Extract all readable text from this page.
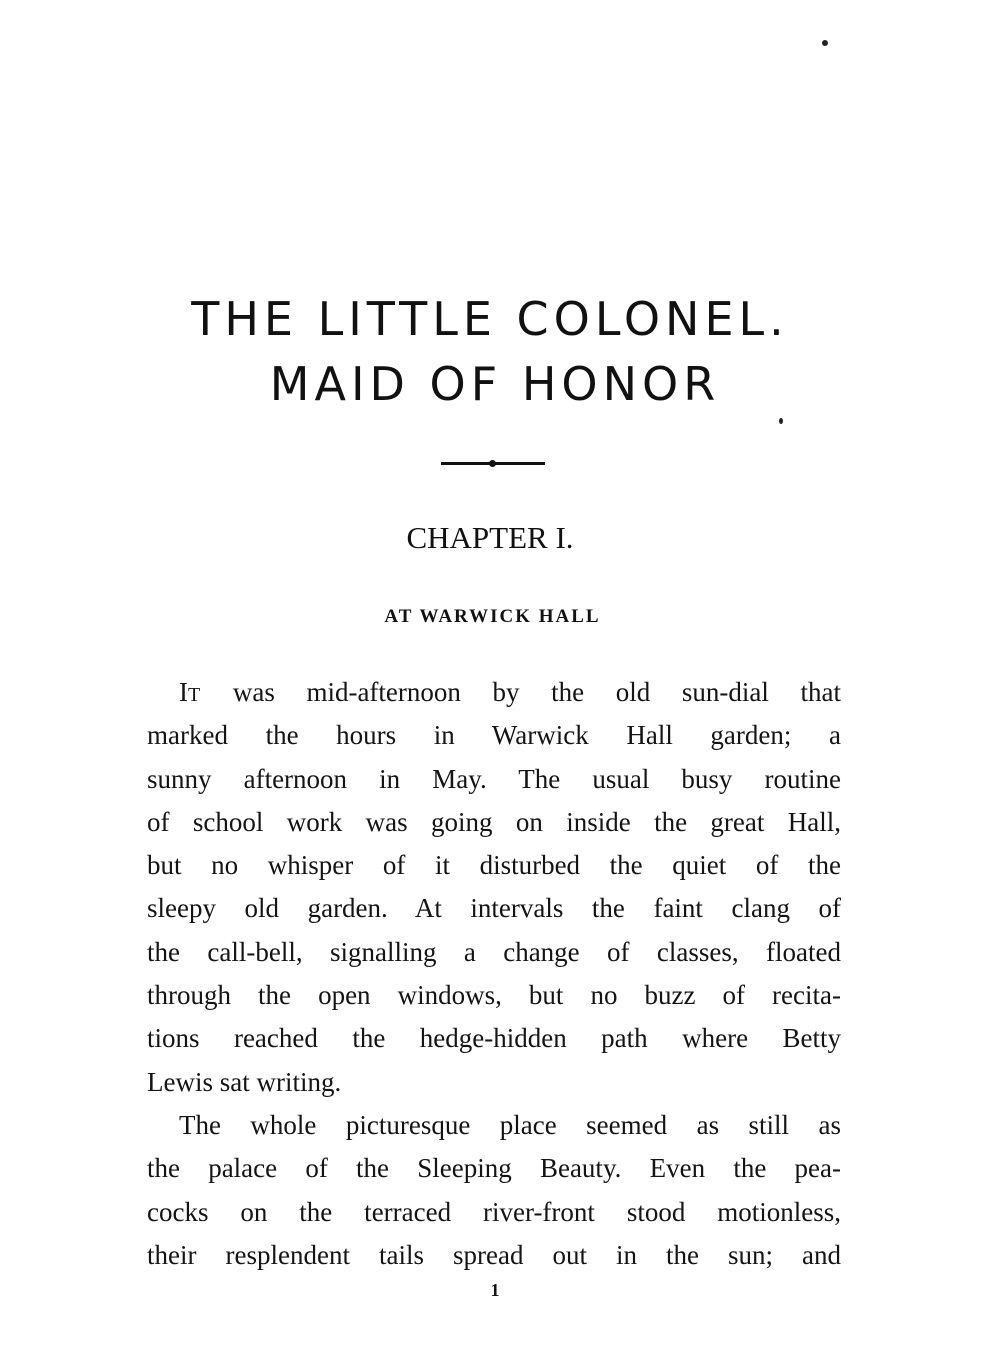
THE LITTLE COLONEL.
MAID OF HONOR
CHAPTER I.
AT WARWICK HALL

IT was mid-afternoon by the old sun-dial that
marked the hours in Warwick Hall garden; a
sunny afternoon in May. The usual busy routine
of school work was going on inside the great Hall,
but no whisper of it disturbed the quiet of the
sleepy old garden. At intervals the faint clang of
the call-bell, signalling a change of classes, floated
through the open windows, but no buzz of recita-
tions reached the hedge-hidden path where Betty
Lewis sat writing.

The whole picturesque place seemed as still as
the palace of the Sleeping Beauty. Even the pea-
cocks on the terraced river-front stood motionless,
their resplendent tails spread out in the sun; and

1
